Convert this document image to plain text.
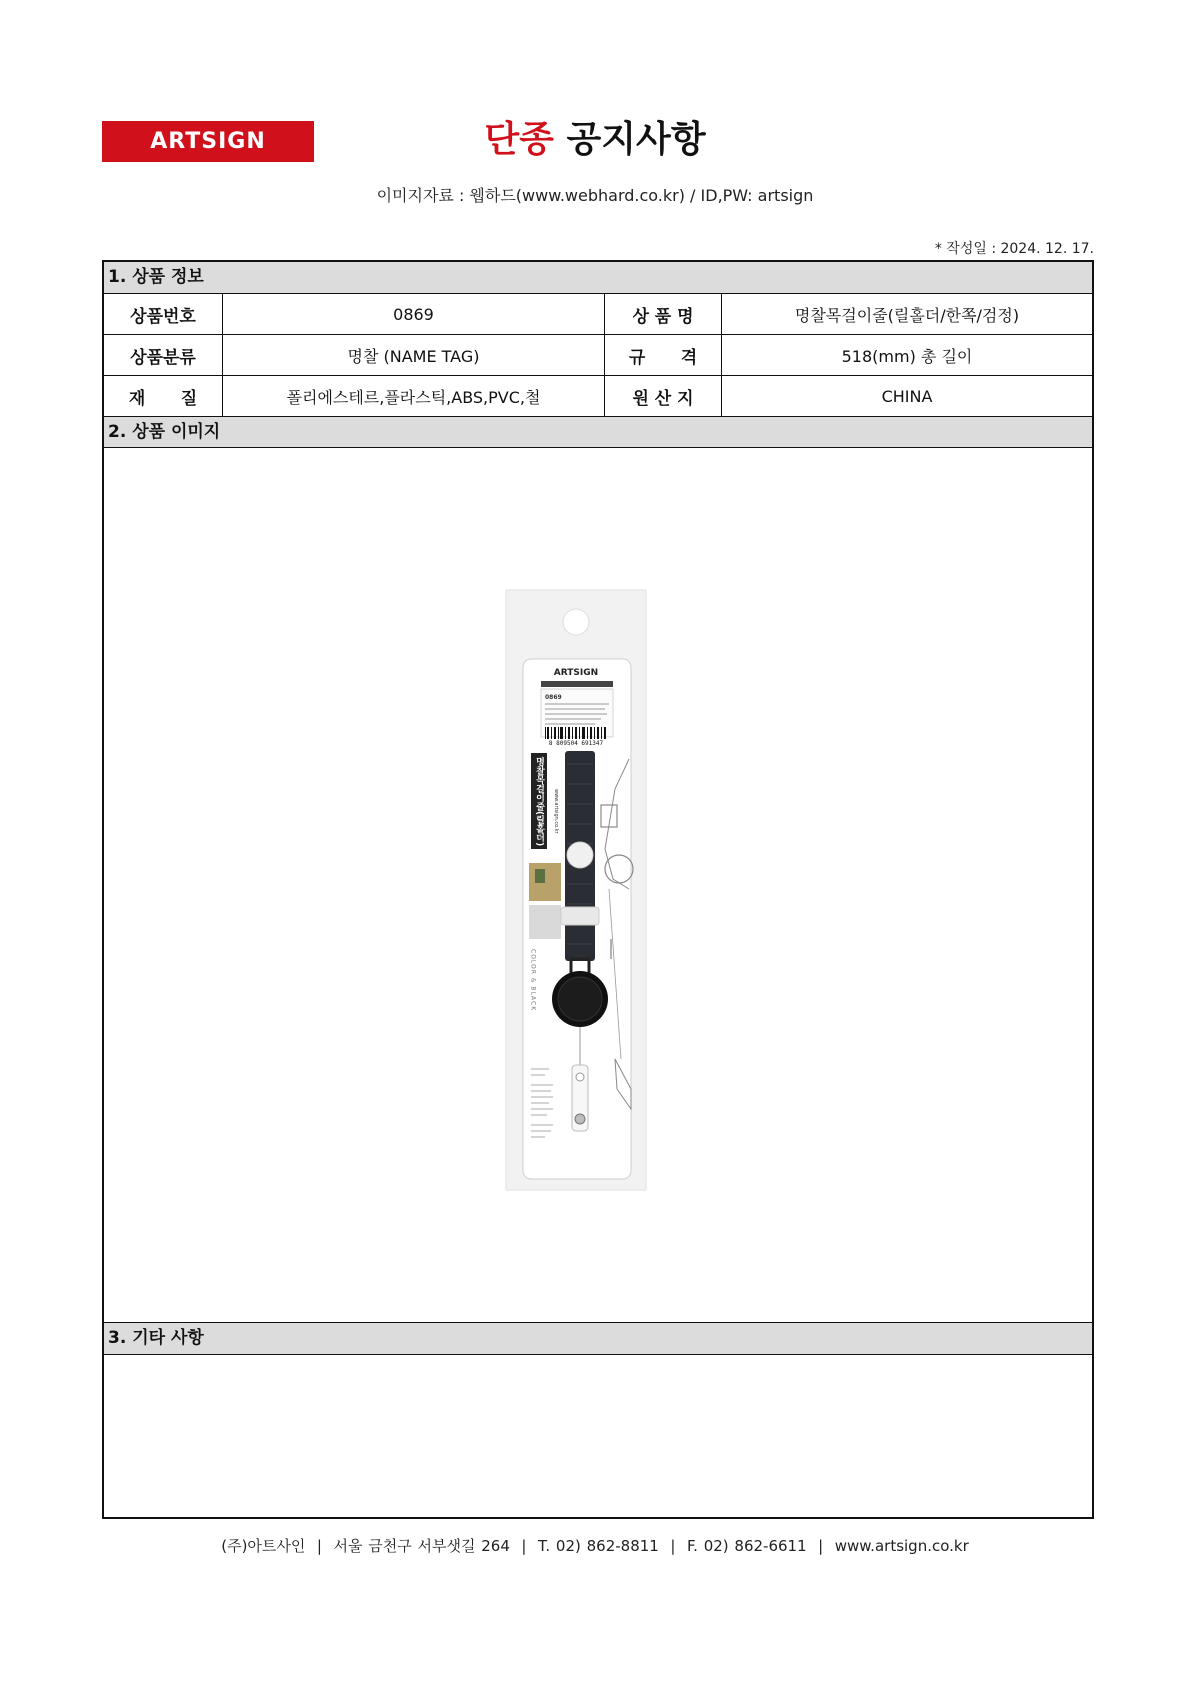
ARTSIGN	단종 공지사항
이미지자료 : 웹하드(www.webhard.co.kr) / ID,PW: artsign
* 작성일 : 2024. 12. 17.
1. 상품 정보
상품번호	0869	상 품 명	명찰목걸이줄(릴홀더/한쪽/검정)
상품분류	명찰 (NAME TAG)	규      격	518(mm) 총 길이
재      질	폴리에스테르,플라스틱,ABS,PVC,철	원 산 지	CHINA
2. 상품 이미지
ARTSIGN
0869
8 809504 691347
명찰목걸이줄(릴홀더) www.artsign.co.kr
COLOR & BLACK
3. 기타 사항
(주)아트사인  |  서울 금천구 서부샛길 264  |  T. 02) 862-8811  |  F. 02) 862-6611  |  www.artsign.co.kr
